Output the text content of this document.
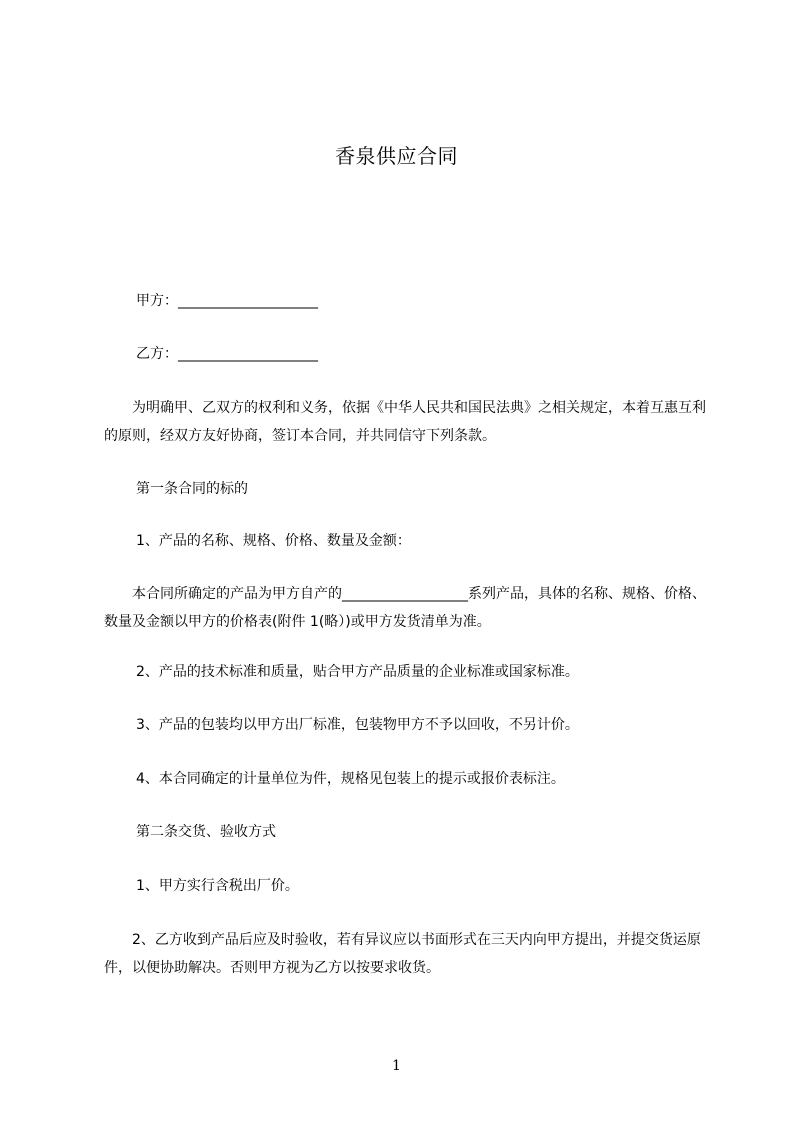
香泉供应合同
甲方：____________________
乙方：____________________
为明确甲、乙双方的权利和义务，依据《中华人民共和国民法典》之相关规定，本着互惠互利的原则，经双方友好协商，签订本合同，并共同信守下列条款。
第一条合同的标的
1、产品的名称、规格、价格、数量及金额：
本合同所确定的产品为甲方自产的__________________系列产品，具体的名称、规格、价格、数量及金额以甲方的价格表(附件 1(略）)或甲方发货清单为准。
2、产品的技术标准和质量，贴合甲方产品质量的企业标准或国家标准。
3、产品的包装均以甲方出厂标准，包装物甲方不予以回收，不另计价。
4、本合同确定的计量单位为件，规格见包装上的提示或报价表标注。
第二条交货、验收方式
1、甲方实行含税出厂价。
2、乙方收到产品后应及时验收，若有异议应以书面形式在三天内向甲方提出，并提交货运原件，以便协助解决。否则甲方视为乙方以按要求收货。
1
